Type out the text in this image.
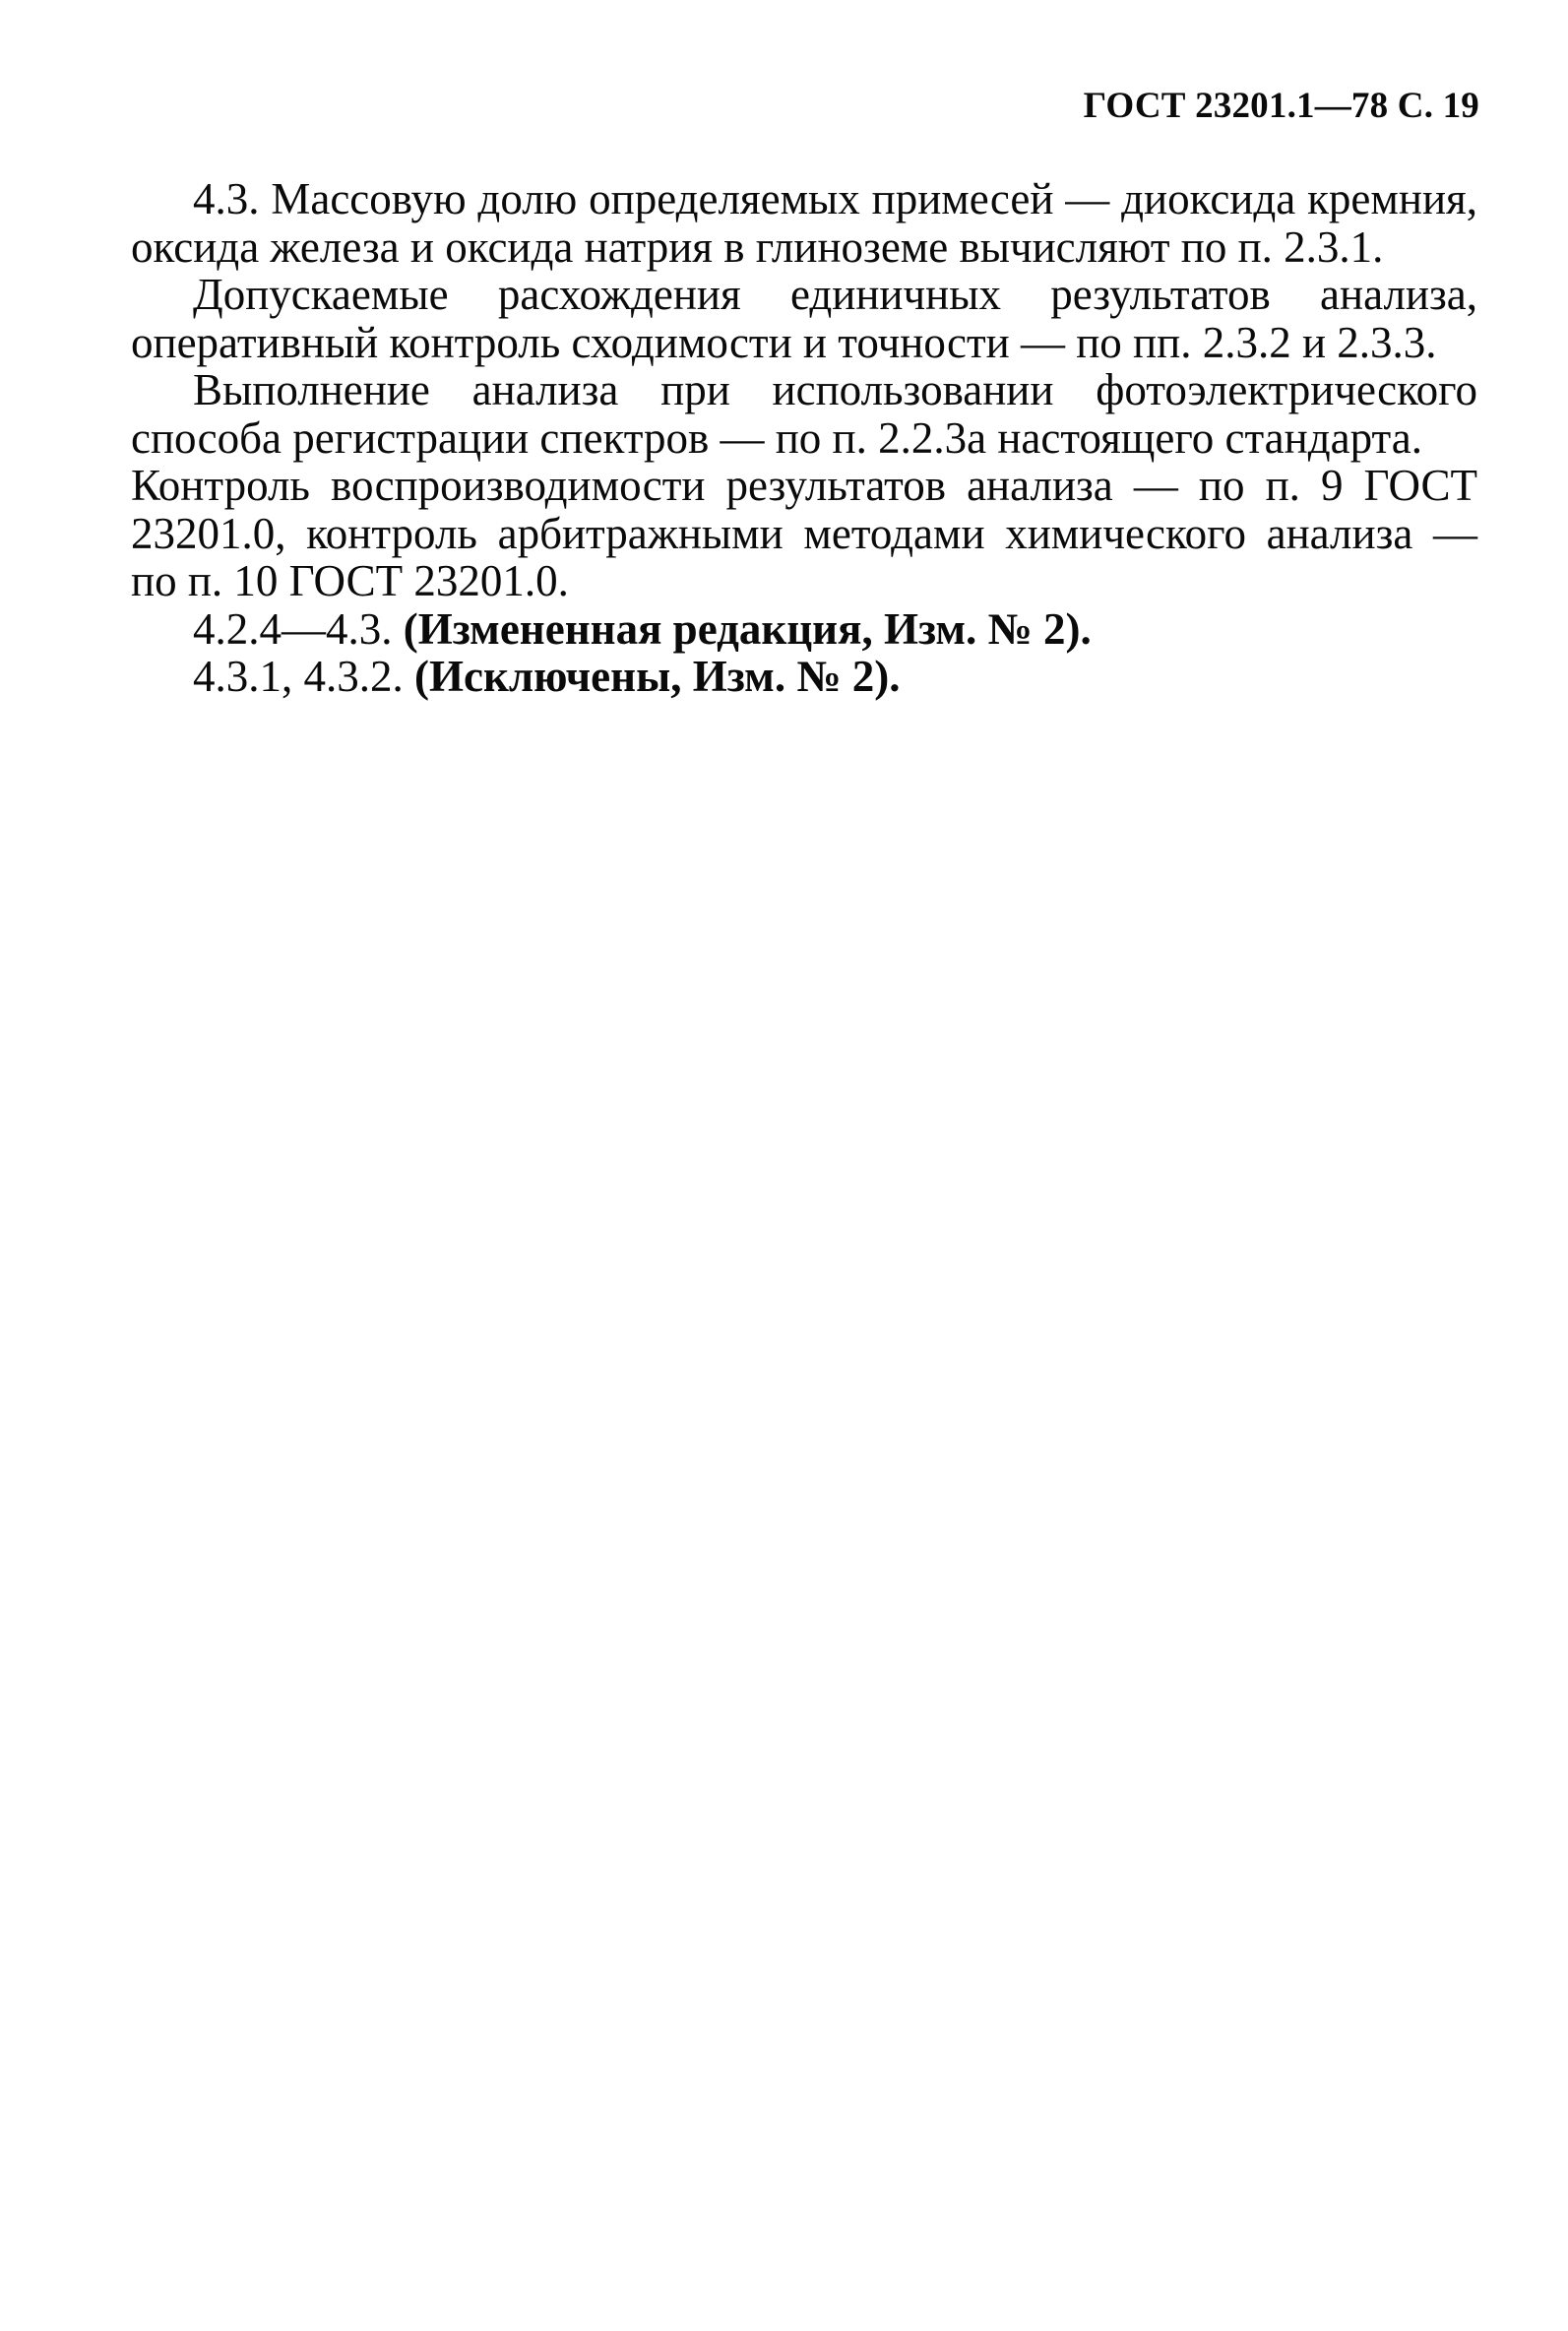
ГОСТ 23201.1—78 С. 19

4.3. Массовую долю определяемых примесей — диоксида кремния, оксида железа и оксида натрия в глиноземе вычисляют по п. 2.3.1.

Допускаемые расхождения единичных результатов анализа, оперативный контроль сходимости и точности — по пп. 2.3.2 и 2.3.3.

Выполнение анализа при использовании фотоэлектрического способа регистрации спектров — по п. 2.2.3а настоящего стандарта.

Контроль воспроизводимости результатов анализа — по п. 9 ГОСТ 23201.0, контроль арбитражными методами химического анализа — по п. 10 ГОСТ 23201.0.

4.2.4—4.3. (Измененная редакция, Изм. № 2).

4.3.1, 4.3.2. (Исключены, Изм. № 2).
